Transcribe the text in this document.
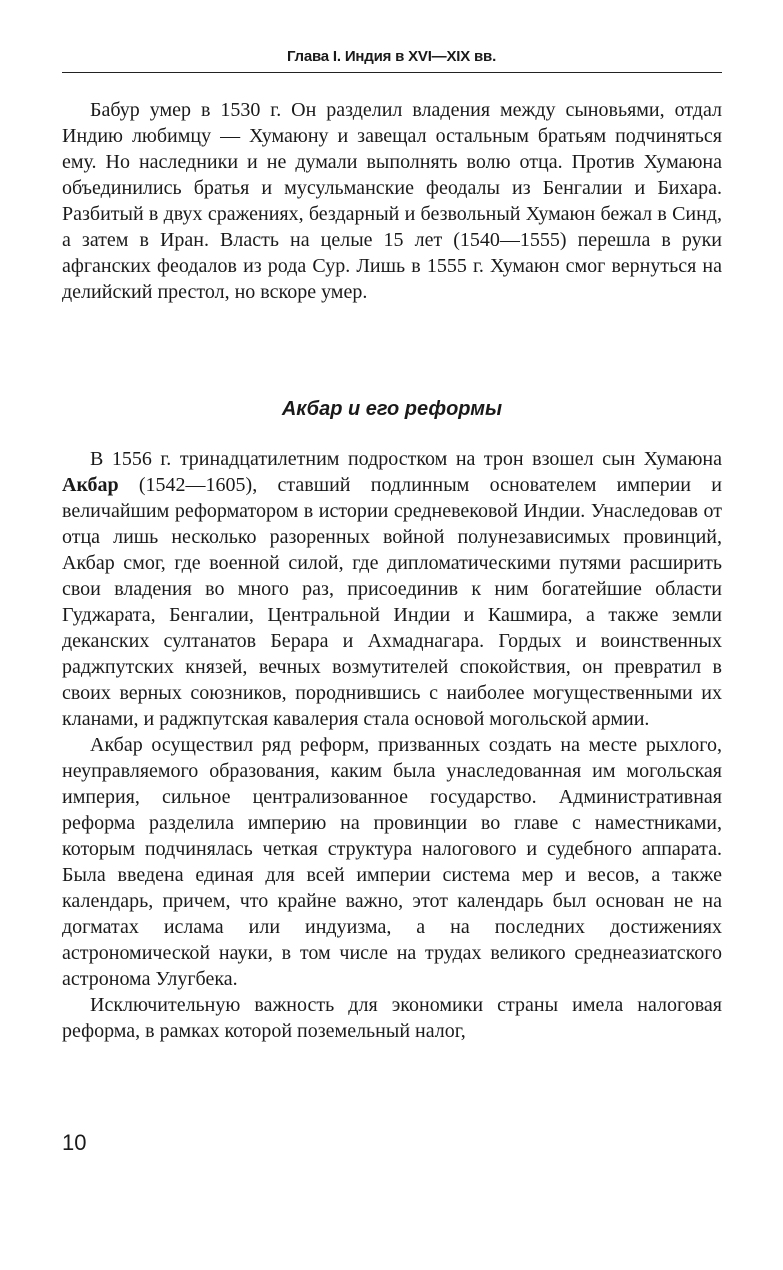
Глава I. Индия в XVI—XIX вв.

Бабур умер в 1530 г. Он разделил владения между сыновьями, отдал Индию любимцу — Хумаюну и завещал остальным братьям подчиняться ему. Но наследники и не думали выполнять волю отца. Против Хумаюна объединились братья и мусульманские феодалы из Бенгалии и Бихара. Разбитый в двух сражениях, бездарный и безвольный Хумаюн бежал в Синд, а затем в Иран. Власть на целые 15 лет (1540—1555) перешла в руки афганских феодалов из рода Сур. Лишь в 1555 г. Хумаюн смог вернуться на делийский престол, но вскоре умер.

Акбар и его реформы

В 1556 г. тринадцатилетним подростком на трон взошел сын Хумаюна Акбар (1542—1605), ставший подлинным основателем империи и величайшим реформатором в истории средневековой Индии. Унаследовав от отца лишь несколько разоренных войной полунезависимых провинций, Акбар смог, где военной силой, где дипломатическими путями расширить свои владения во много раз, присоединив к ним богатейшие области Гуджарата, Бенгалии, Центральной Индии и Кашмира, а также земли деканских султанатов Берара и Ахмаднагара. Гордых и воинственных раджпутских князей, вечных возмутителей спокойствия, он превратил в своих верных союзников, породнившись с наиболее могущественными их кланами, и раджпутская кавалерия стала основой могольской армии.

Акбар осуществил ряд реформ, призванных создать на месте рыхлого, неуправляемого образования, каким была унаследованная им могольская империя, сильное централизованное государство. Административная реформа разделила империю на провинции во главе с наместниками, которым подчинялась четкая структура налогового и судебного аппарата. Была введена единая для всей империи система мер и весов, а также календарь, причем, что крайне важно, этот календарь был основан не на догматах ислама или индуизма, а на последних достижениях астрономической науки, в том числе на трудах великого среднеазиатского астронома Улугбека.

Исключительную важность для экономики страны имела налоговая реформа, в рамках которой поземельный налог,

10
